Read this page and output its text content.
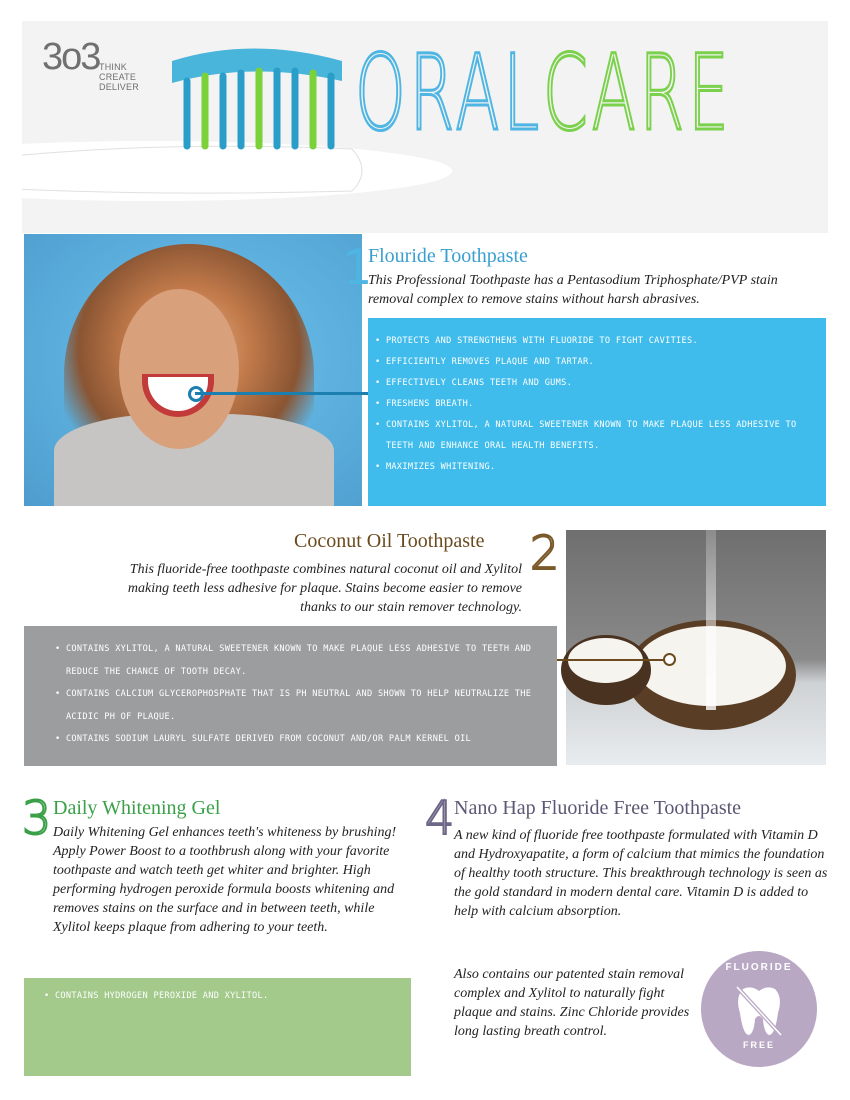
3o3 THINK
CREATE
DELIVER ORALCARE
1
Flouride Toothpaste
This Professional Toothpaste has a Pentasodium Triphosphate/PVP stain removal complex to remove stains without harsh abrasives.
• PROTECTS AND STRENGTHENS WITH FLUORIDE TO FIGHT CAVITIES.
• EFFICIENTLY REMOVES PLAQUE AND TARTAR.
• EFFECTIVELY CLEANS TEETH AND GUMS.
• FRESHENS BREATH.
• CONTAINS XYLITOL, A NATURAL SWEETENER KNOWN TO MAKE PLAQUE LESS ADHESIVE TO
TEETH AND ENHANCE ORAL HEALTH BENEFITS.
• MAXIMIZES WHITENING.
Coconut Oil Toothpaste 2
This fluoride-free toothpaste combines natural coconut oil and Xylitol making teeth less adhesive for plaque. Stains become easier to remove thanks to our stain remover technology.
• CONTAINS XYLITOL, A NATURAL SWEETENER KNOWN TO MAKE PLAQUE LESS ADHESIVE TO TEETH AND
REDUCE THE CHANCE OF TOOTH DECAY.
• CONTAINS CALCIUM GLYCEROPHOSPHATE THAT IS PH NEUTRAL AND SHOWN TO HELP NEUTRALIZE THE
ACIDIC PH OF PLAQUE.
• CONTAINS SODIUM LAURYL SULFATE DERIVED FROM COCONUT AND/OR PALM KERNEL OIL
3 Daily Whitening Gel
Daily Whitening Gel enhances teeth's whiteness by brushing! Apply Power Boost to a toothbrush along with your favorite toothpaste and watch teeth get whiter and brighter. High performing hydrogen peroxide formula boosts whitening and removes stains on the surface and in between teeth, while Xylitol keeps plaque from adhering to your teeth.
• CONTAINS HYDROGEN PEROXIDE AND XYLITOL.
4 Nano Hap Fluoride Free Toothpaste
A new kind of fluoride free toothpaste formulated with Vitamin D and Hydroxyapatite, a form of calcium that mimics the foundation of healthy tooth structure. This breakthrough technology is seen as the gold standard in modern dental care. Vitamin D is added to help with calcium absorption.
Also contains our patented stain removal complex and Xylitol to naturally fight plaque and stains. Zinc Chloride provides long lasting breath control.
FLUORIDE
FREE
